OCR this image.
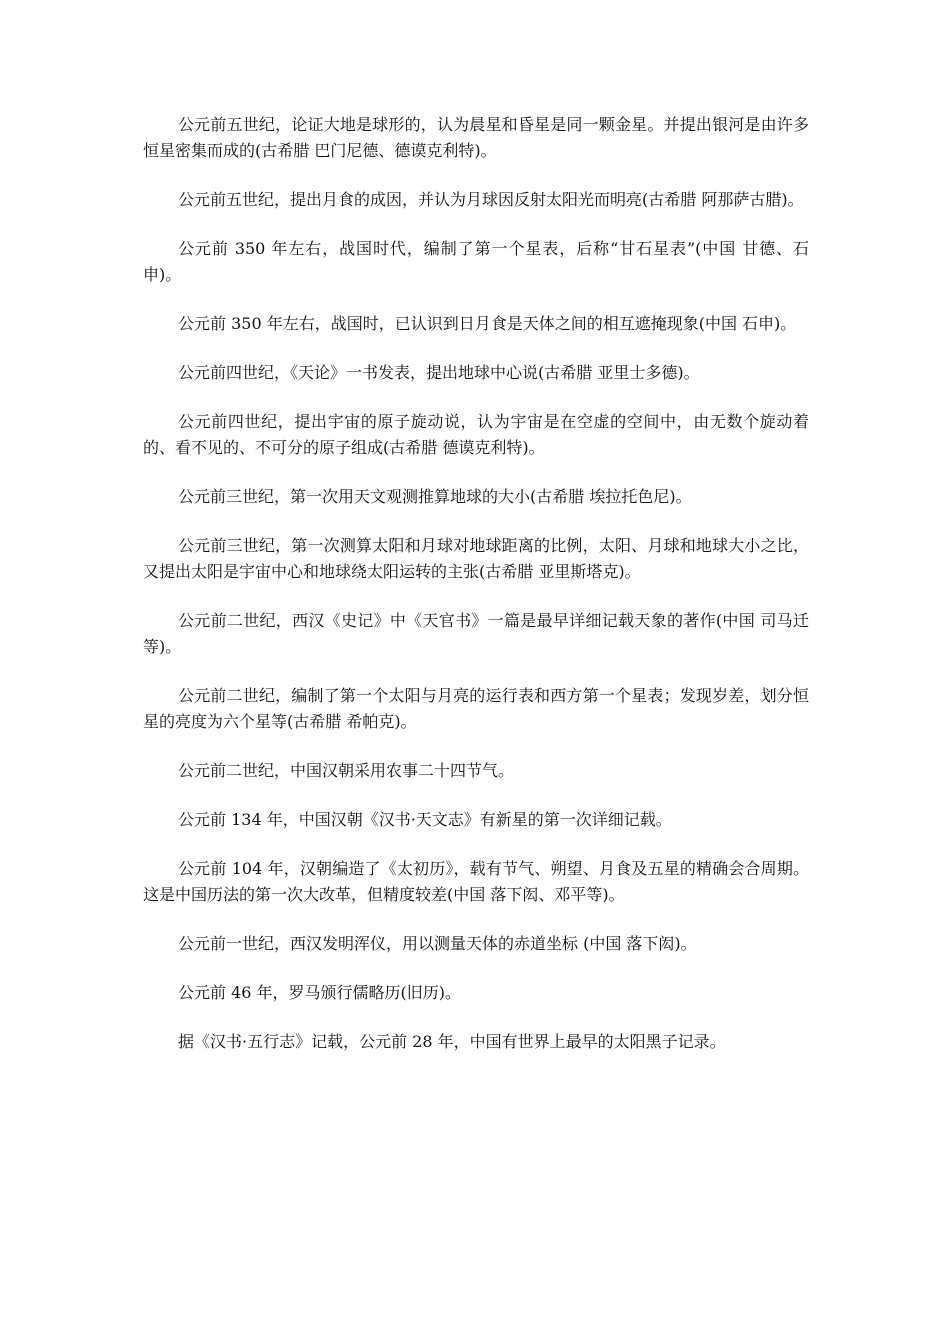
公元前五世纪，论证大地是球形的，认为晨星和昏星是同一颗金星。并提出银河是由许多恒星密集而成的(古希腊 巴门尼德、德谟克利特)。

公元前五世纪，提出月食的成因，并认为月球因反射太阳光而明亮(古希腊 阿那萨古腊)。

公元前 350 年左右，战国时代，编制了第一个星表，后称“甘石星表”(中国 甘德、石申)。

公元前 350 年左右，战国时，已认识到日月食是天体之间的相互遮掩现象(中国 石申)。

公元前四世纪，《天论》一书发表，提出地球中心说(古希腊 亚里士多德)。

公元前四世纪，提出宇宙的原子旋动说，认为宇宙是在空虚的空间中，由无数个旋动着的、看不见的、不可分的原子组成(古希腊 德谟克利特)。

公元前三世纪，第一次用天文观测推算地球的大小(古希腊 埃拉托色尼)。

公元前三世纪，第一次测算太阳和月球对地球距离的比例，太阳、月球和地球大小之比，又提出太阳是宇宙中心和地球绕太阳运转的主张(古希腊 亚里斯塔克)。

公元前二世纪，西汉《史记》中《天官书》一篇是最早详细记载天象的著作(中国 司马迁等)。

公元前二世纪，编制了第一个太阳与月亮的运行表和西方第一个星表；发现岁差，划分恒星的亮度为六个星等(古希腊 希帕克)。

公元前二世纪，中国汉朝采用农事二十四节气。

公元前 134 年，中国汉朝《汉书·天文志》有新星的第一次详细记载。

公元前 104 年，汉朝编造了《太初历》，载有节气、朔望、月食及五星的精确会合周期。这是中国历法的第一次大改革，但精度较差(中国 落下闳、邓平等)。

公元前一世纪，西汉发明浑仪，用以测量天体的赤道坐标 (中国 落下闳)。

公元前 46 年，罗马颁行儒略历(旧历)。

据《汉书·五行志》记载，公元前 28 年，中国有世界上最早的太阳黑子记录。
